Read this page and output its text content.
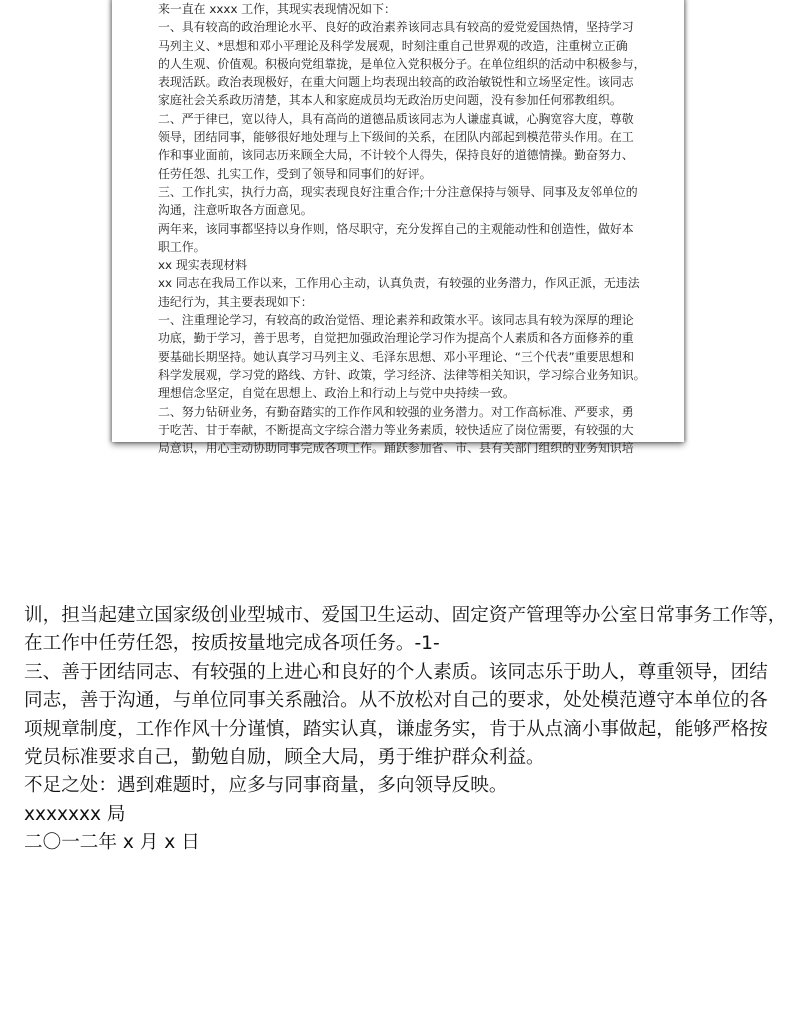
来一直在 xxxx 工作，其现实表现情况如下：
一、具有较高的政治理论水平、良好的政治素养该同志具有较高的爱党爱国热情，坚持学习
马列主义、*思想和邓小平理论及科学发展观，时刻注重自己世界观的改造，注重树立正确
的人生观、价值观。积极向党组靠拢，是单位入党积极分子。在单位组织的活动中积极参与，
表现活跃。政治表现极好，在重大问题上均表现出较高的政治敏锐性和立场坚定性。该同志
家庭社会关系政历清楚，其本人和家庭成员均无政治历史问题，没有参加任何邪教组织。
二、严于律已，宽以待人，具有高尚的道德品质该同志为人谦虚真诚，心胸宽容大度，尊敬
领导，团结同事，能够很好地处理与上下级间的关系，在团队内部起到模范带头作用。在工
作和事业面前，该同志历来顾全大局，不计较个人得失，保持良好的道德情操。勤奋努力、
任劳任怨、扎实工作，受到了领导和同事们的好评。
三、工作扎实，执行力高，现实表现良好注重合作;十分注意保持与领导、同事及友邻单位的
沟通，注意听取各方面意见。
两年来，该同事都坚持以身作则，恪尽职守，充分发挥自己的主观能动性和创造性，做好本
职工作。
xx 现实表现材料
xx 同志在我局工作以来，工作用心主动，认真负责，有较强的业务潜力，作风正派，无违法
违纪行为，其主要表现如下：
一、注重理论学习，有较高的政治觉悟、理论素养和政策水平。该同志具有较为深厚的理论
功底，勤于学习，善于思考，自觉把加强政治理论学习作为提高个人素质和各方面修养的重
要基础长期坚持。她认真学习马列主义、毛泽东思想、邓小平理论、“三个代表”重要思想和
科学发展观，学习党的路线、方针、政策，学习经济、法律等相关知识，学习综合业务知识。
理想信念坚定，自觉在思想上、政治上和行动上与党中央持续一致。
二、努力钻研业务，有勤奋踏实的工作作风和较强的业务潜力。对工作高标准、严要求，勇
于吃苦、甘于奉献，不断提高文字综合潜力等业务素质，较快适应了岗位需要，有较强的大
局意识，用心主动协助同事完成各项工作。踊跃参加省、市、县有关部门组织的业务知识培
训，担当起建立国家级创业型城市、爱国卫生运动、固定资产管理等办公室日常事务工作等，
在工作中任劳任怨，按质按量地完成各项任务。-1-
三、善于团结同志、有较强的上进心和良好的个人素质。该同志乐于助人，尊重领导，团结
同志，善于沟通，与单位同事关系融洽。从不放松对自己的要求，处处模范遵守本单位的各
项规章制度，工作作风十分谨慎，踏实认真，谦虚务实，肯于从点滴小事做起，能够严格按
党员标准要求自己，勤勉自励，顾全大局，勇于维护群众利益。
不足之处：遇到难题时，应多与同事商量，多向领导反映。
xxxxxxx 局
二〇一二年 x 月 x 日
